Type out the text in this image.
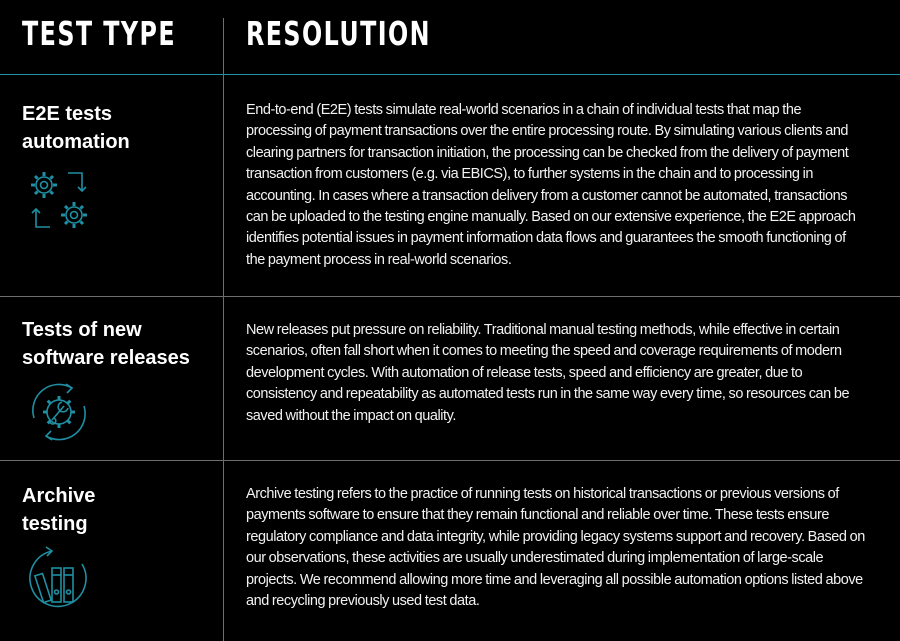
TEST TYPE RESOLUTION
E2E tests
automation
End-to-end (E2E) tests simulate real-world scenarios in a chain of individual tests that map the processing of payment transactions over the entire processing route. By simulating various clients and clearing partners for transaction initiation, the processing can be checked from the delivery of payment transaction from customers (e.g. via EBICS), to further systems in the chain and to processing in accounting. In cases where a transaction delivery from a customer cannot be automated, transactions can be uploaded to the testing engine manually. Based on our extensive experience, the E2E approach identifies potential issues in payment information data flows and guarantees the smooth functioning of the payment process in real-world scenarios.
Tests of new
software releases
New releases put pressure on reliability. Traditional manual testing methods, while effective in certain scenarios, often fall short when it comes to meeting the speed and coverage requirements of modern development cycles. With automation of release tests, speed and efficiency are greater, due to consistency and repeatability as automated tests run in the same way every time, so resources can be saved without the impact on quality.
Archive
testing
Archive testing refers to the practice of running tests on historical transactions or previous versions of payments software to ensure that they remain functional and reliable over time. These tests ensure regulatory compliance and data integrity, while providing legacy systems support and recovery. Based on our observations, these activities are usually underestimated during implementation of large-scale projects. We recommend allowing more time and leveraging all possible automation options listed above and recycling previously used test data.
